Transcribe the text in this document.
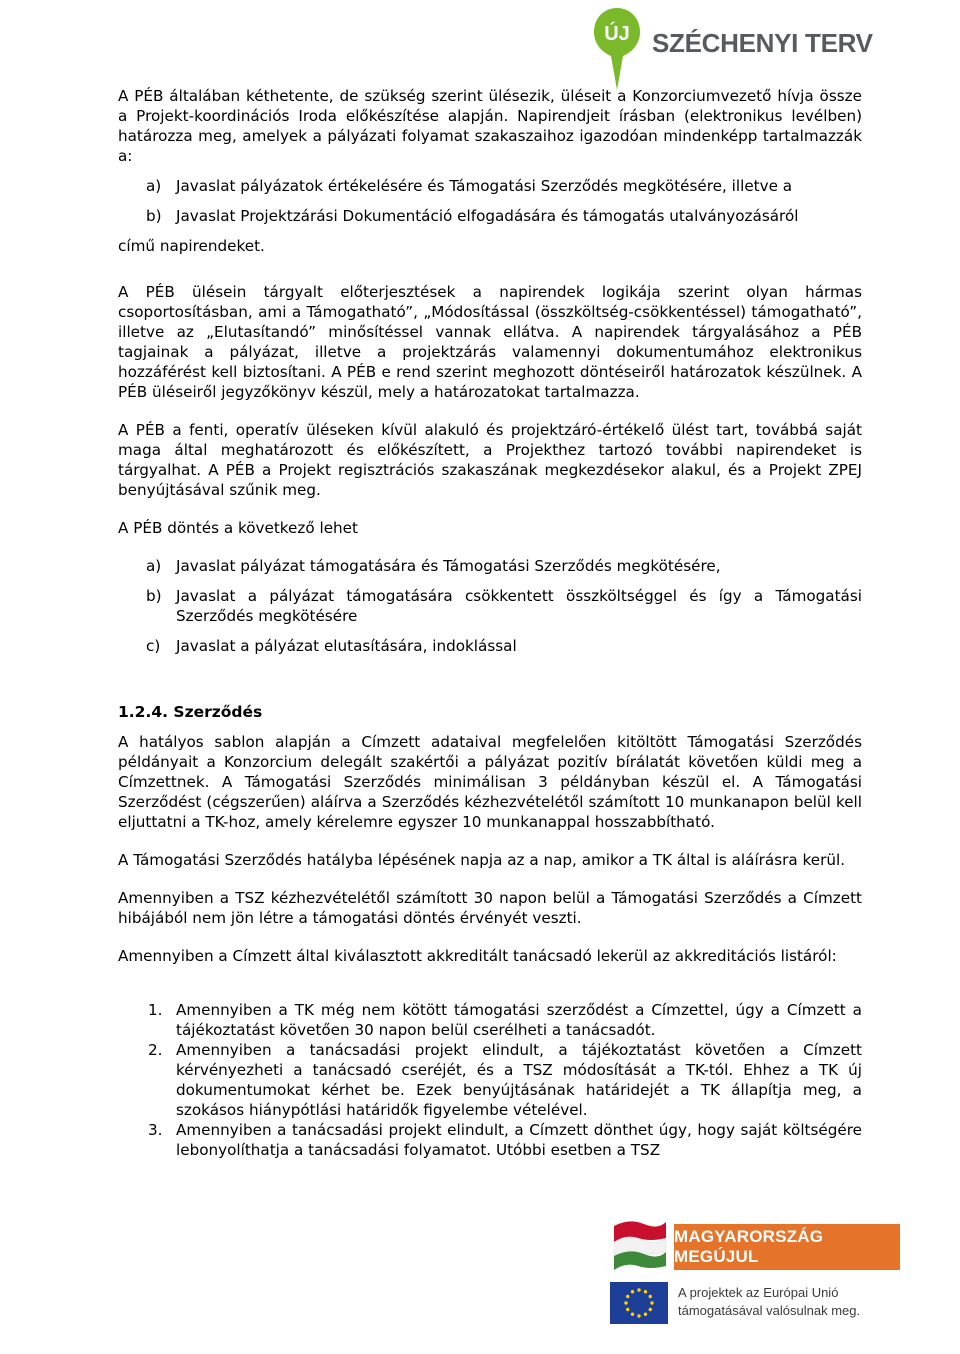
ÚJ SZÉCHENYI TERV

A PÉB általában kéthetente, de szükség szerint ülésezik, üléseit a Konzorciumvezető hívja össze a Projekt-koordinációs Iroda előkészítése alapján. Napirendjeit írásban (elektronikus levélben) határozza meg, amelyek a pályázati folyamat szakaszaihoz igazodóan mindenképp tartalmazzák a:

a) Javaslat pályázatok értékelésére és Támogatási Szerződés megkötésére, illetve a
b) Javaslat Projektzárási Dokumentáció elfogadására és támogatás utalványozásáról

című napirendeket.

A PÉB ülésein tárgyalt előterjesztések a napirendek logikája szerint olyan hármas csoportosításban, ami a Támogatható”, „Módosítással (összköltség-csökkentéssel) támogatható”, illetve az „Elutasítandó” minősítéssel vannak ellátva. A napirendek tárgyalásához a PÉB tagjainak a pályázat, illetve a projektzárás valamennyi dokumentumához elektronikus hozzáférést kell biztosítani. A PÉB e rend szerint meghozott döntéseiről határozatok készülnek. A PÉB üléseiről jegyzőkönyv készül, mely a határozatokat tartalmazza.

A PÉB a fenti, operatív üléseken kívül alakuló és projektzáró-értékelő ülést tart, továbbá saját maga által meghatározott és előkészített, a Projekthez tartozó további napirendeket is tárgyalhat. A PÉB a Projekt regisztrációs szakaszának megkezdésekor alakul, és a Projekt ZPEJ benyújtásával szűnik meg.

A PÉB döntés a következő lehet

a) Javaslat pályázat támogatására és Támogatási Szerződés megkötésére,
b) Javaslat a pályázat támogatására csökkentett összköltséggel és így a Támogatási Szerződés megkötésére
c) Javaslat a pályázat elutasítására, indoklással

1.2.4. Szerződés

A hatályos sablon alapján a Címzett adataival megfelelően kitöltött Támogatási Szerződés példányait a Konzorcium delegált szakértői a pályázat pozitív bírálatát követően küldi meg a Címzettnek. A Támogatási Szerződés minimálisan 3 példányban készül el. A Támogatási Szerződést (cégszerűen) aláírva a Szerződés kézhezvételétől számított 10 munkanapon belül kell eljuttatni a TK-hoz, amely kérelemre egyszer 10 munkanappal hosszabbítható.

A Támogatási Szerződés hatályba lépésének napja az a nap, amikor a TK által is aláírásra kerül.

Amennyiben a TSZ kézhezvételétől számított 30 napon belül a Támogatási Szerződés a Címzett hibájából nem jön létre a támogatási döntés érvényét veszti.

Amennyiben a Címzett által kiválasztott akkreditált tanácsadó lekerül az akkreditációs listáról:

1. Amennyiben a TK még nem kötött támogatási szerződést a Címzettel, úgy a Címzett a tájékoztatást követően 30 napon belül cserélheti a tanácsadót.
2. Amennyiben a tanácsadási projekt elindult, a tájékoztatást követően a Címzett kérvényezheti a tanácsadó cseréjét, és a TSZ módosítását a TK-tól. Ehhez a TK új dokumentumokat kérhet be. Ezek benyújtásának határidejét a TK állapítja meg, a szokásos hiánypótlási határidők figyelembe vételével.
3. Amennyiben a tanácsadási projekt elindult, a Címzett dönthet úgy, hogy saját költségére lebonyolíthatja a tanácsadási folyamatot. Utóbbi esetben a TSZ
MAGYARORSZÁG MEGÚJUL
A projektek az Európai Unió
támogatásával valósulnak meg.
